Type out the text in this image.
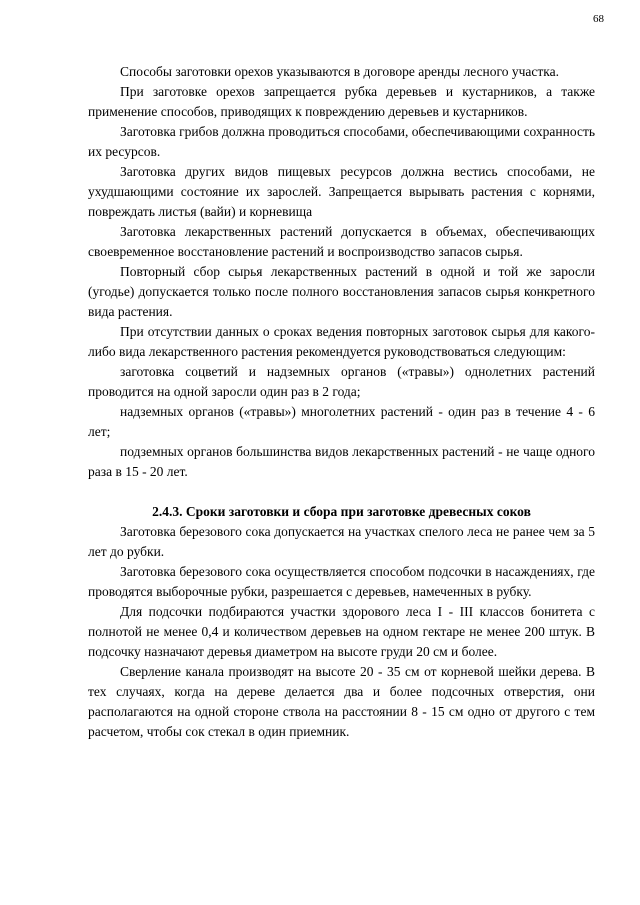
68

Способы заготовки орехов указываются в договоре аренды лесного участка.

При заготовке орехов запрещается рубка деревьев и кустарников, а также применение способов, приводящих к повреждению деревьев и кустарников.

Заготовка грибов должна проводиться способами, обеспечивающими сохранность их ресурсов.

Заготовка других видов пищевых ресурсов должна вестись способами, не ухудшающими состояние их зарослей. Запрещается вырывать растения с корнями, повреждать листья (вайи) и корневища

Заготовка лекарственных растений допускается в объемах, обеспечивающих своевременное восстановление растений и воспроизводство запасов сырья.

Повторный сбор сырья лекарственных растений в одной и той же заросли (угодье) допускается только после полного восстановления запасов сырья конкретного вида растения.

При отсутствии данных о сроках ведения повторных заготовок сырья для какого-либо вида лекарственного растения рекомендуется руководствоваться следующим:

заготовка соцветий и надземных органов («травы») однолетних растений проводится на одной заросли один раз в 2 года;

надземных органов («травы») многолетних растений - один раз в течение 4 - 6 лет;

подземных органов большинства видов лекарственных растений - не чаще одного раза в 15 - 20 лет.

2.4.3. Сроки заготовки и сбора при заготовке древесных соков

Заготовка березового сока допускается на участках спелого леса не ранее чем за 5 лет до рубки.

Заготовка березового сока осуществляется способом подсочки в насаждениях, где проводятся выборочные рубки, разрешается с деревьев, намеченных в рубку.

Для подсочки подбираются участки здорового леса I - III классов бонитета с полнотой не менее 0,4 и количеством деревьев на одном гектаре не менее 200 штук. В подсочку назначают деревья диаметром на высоте груди 20 см и более.

Сверление канала производят на высоте 20 - 35 см от корневой шейки дерева. В тех случаях, когда на дереве делается два и более подсочных отверстия, они располагаются на одной стороне ствола на расстоянии 8 - 15 см одно от другого с тем расчетом, чтобы сок стекал в один приемник.
